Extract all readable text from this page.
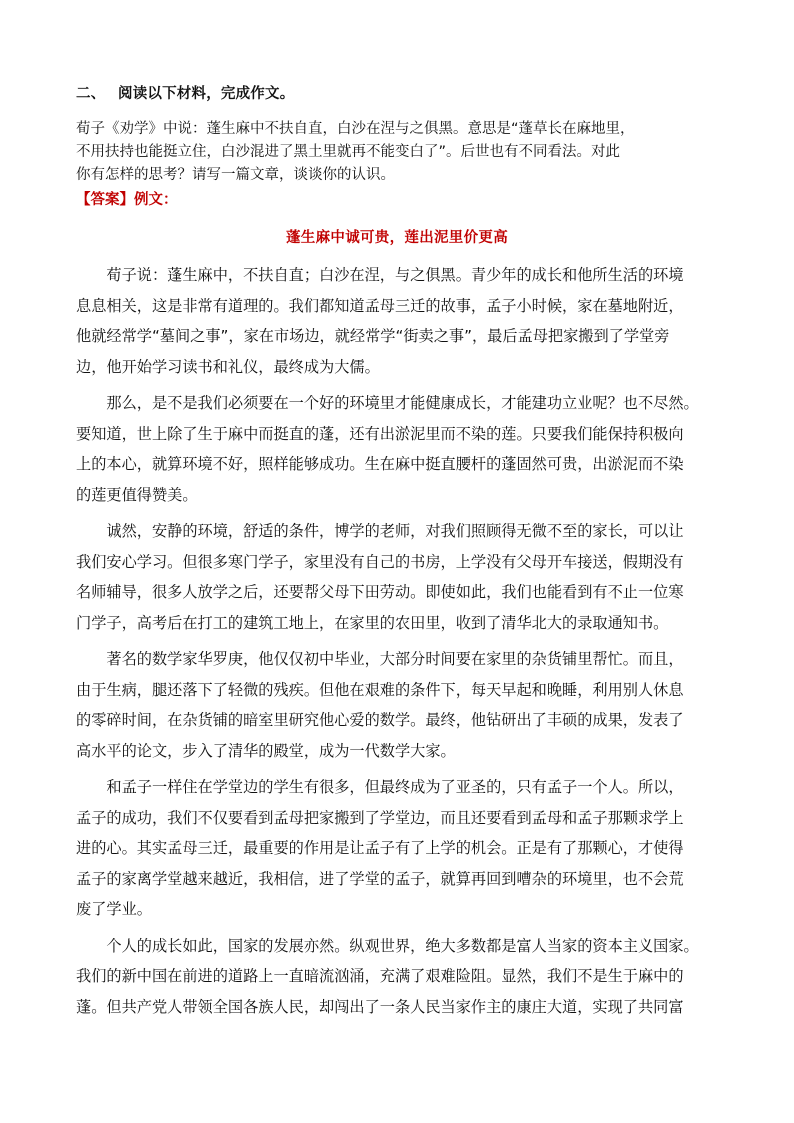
二、 阅读以下材料，完成作文。
荀子《劝学》中说：蓬生麻中不扶自直，白沙在涅与之俱黑。意思是“蓬草长在麻地里，
不用扶持也能挺立住，白沙混进了黑土里就再不能变白了”。后世也有不同看法。对此
你有怎样的思考？请写一篇文章，谈谈你的认识。
【答案】例文：
蓬生麻中诚可贵，莲出泥里价更高

　　荀子说：蓬生麻中，不扶自直；白沙在涅，与之俱黑。青少年的成长和他所生活的环境
息息相关，这是非常有道理的。我们都知道孟母三迁的故事，孟子小时候，家在墓地附近，
他就经常学“墓间之事”，家在市场边，就经常学“街卖之事”，最后孟母把家搬到了学堂旁
边，他开始学习读书和礼仪，最终成为大儒。

　　那么，是不是我们必须要在一个好的环境里才能健康成长，才能建功立业呢？也不尽然。
要知道，世上除了生于麻中而挺直的蓬，还有出淤泥里而不染的莲。只要我们能保持积极向
上的本心，就算环境不好，照样能够成功。生在麻中挺直腰杆的蓬固然可贵，出淤泥而不染
的莲更值得赞美。

　　诚然，安静的环境，舒适的条件，博学的老师，对我们照顾得无微不至的家长，可以让
我们安心学习。但很多寒门学子，家里没有自己的书房，上学没有父母开车接送，假期没有
名师辅导，很多人放学之后，还要帮父母下田劳动。即使如此，我们也能看到有不止一位寒
门学子，高考后在打工的建筑工地上，在家里的农田里，收到了清华北大的录取通知书。

　　著名的数学家华罗庚，他仅仅初中毕业，大部分时间要在家里的杂货铺里帮忙。而且，
由于生病，腿还落下了轻微的残疾。但他在艰难的条件下，每天早起和晚睡，利用别人休息
的零碎时间，在杂货铺的暗室里研究他心爱的数学。最终，他钻研出了丰硕的成果，发表了
高水平的论文，步入了清华的殿堂，成为一代数学大家。

　　和孟子一样住在学堂边的学生有很多，但最终成为了亚圣的，只有孟子一个人。所以，
孟子的成功，我们不仅要看到孟母把家搬到了学堂边，而且还要看到孟母和孟子那颗求学上
进的心。其实孟母三迁，最重要的作用是让孟子有了上学的机会。正是有了那颗心，才使得
孟子的家离学堂越来越近，我相信，进了学堂的孟子，就算再回到嘈杂的环境里，也不会荒
废了学业。

　　个人的成长如此，国家的发展亦然。纵观世界，绝大多数都是富人当家的资本主义国家。
我们的新中国在前进的道路上一直暗流汹涌，充满了艰难险阻。显然，我们不是生于麻中的
蓬。但共产党人带领全国各族人民，却闯出了一条人民当家作主的康庄大道，实现了共同富
